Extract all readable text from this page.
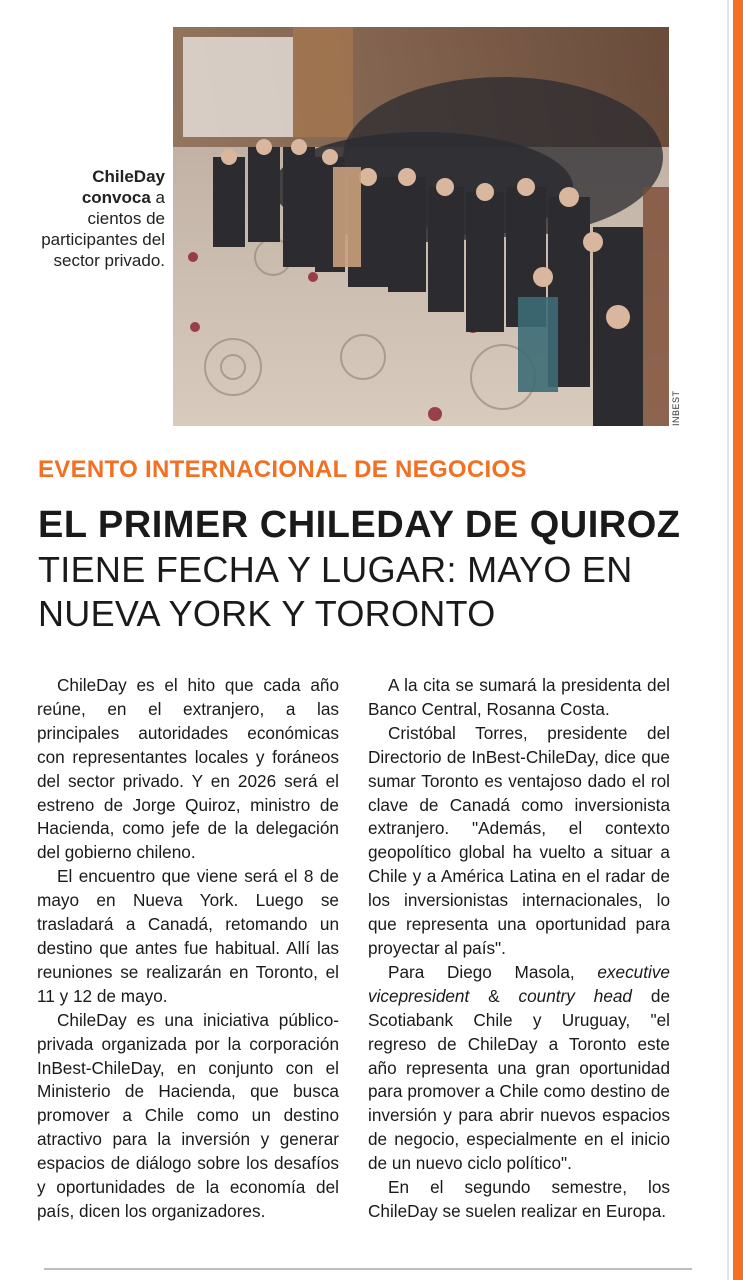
ChileDay convoca a cientos de participantes del sector privado.
INBEST
EVENTO INTERNACIONAL DE NEGOCIOS
EL PRIMER CHILEDAY DE QUIROZ
TIENE FECHA Y LUGAR: MAYO EN NUEVA YORK Y TORONTO

ChileDay es el hito que cada año reúne, en el extranjero, a las principales autoridades económicas con representantes locales y foráneos del sector privado. Y en 2026 será el estreno de Jorge Quiroz, ministro de Hacienda, como jefe de la delegación del gobierno chileno.

El encuentro que viene será el 8 de mayo en Nueva York. Luego se trasladará a Canadá, retomando un destino que antes fue habitual. Allí las reuniones se realizarán en Toronto, el 11 y 12 de mayo.

ChileDay es una iniciativa público-privada organizada por la corporación InBest-ChileDay, en conjunto con el Ministerio de Hacienda, que busca promover a Chile como un destino atractivo para la inversión y generar espacios de diálogo sobre los desafíos y oportunidades de la economía del país, dicen los organizadores.

A la cita se sumará la presidenta del Banco Central, Rosanna Costa.

Cristóbal Torres, presidente del Directorio de InBest-ChileDay, dice que sumar Toronto es ventajoso dado el rol clave de Canadá como inversionista extranjero. "Además, el contexto geopolítico global ha vuelto a situar a Chile y a América Latina en el radar de los inversionistas internacionales, lo que representa una oportunidad para proyectar al país".

Para Diego Masola, executive vicepresident & country head de Scotiabank Chile y Uruguay, "el regreso de ChileDay a Toronto este año representa una gran oportunidad para promover a Chile como destino de inversión y para abrir nuevos espacios de negocio, especialmente en el inicio de un nuevo ciclo político".

En el segundo semestre, los ChileDay se suelen realizar en Europa.
